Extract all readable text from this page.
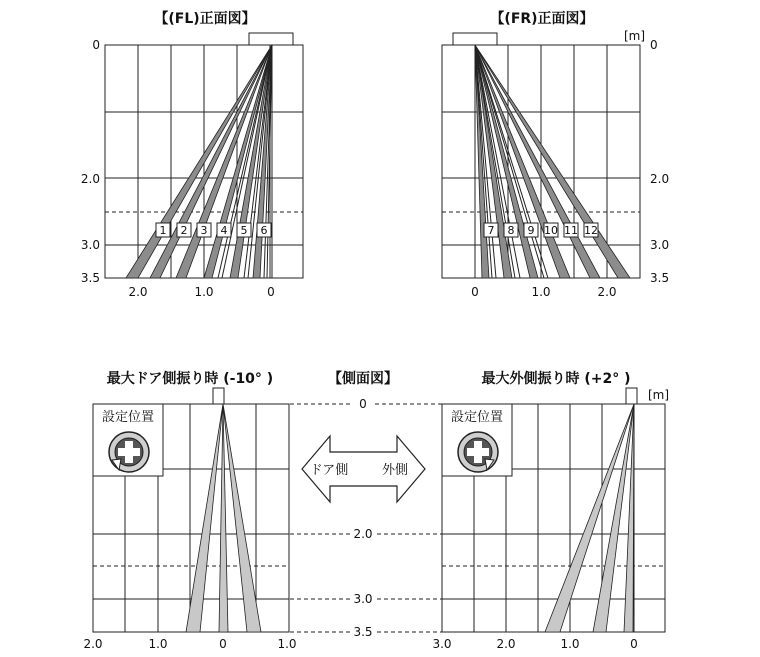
【(FL)正面図】
1 2 3 4 5 6
0
2.0
3.0
3.5
2.0	1.0	0
【(FR)正面図】
[m]
7 8 9 10 11 12
0
2.0
3.0
3.5
0	1.0	2.0
最大ドア側振り時 (-10° )	【側面図】	最大外側振り時 (+2° )
[m]
設定位置
2.0	1.0	0	1.0
0
2.0
3.0
3.5
ドア側	外側
設定位置
3.0	2.0	1.0	0
